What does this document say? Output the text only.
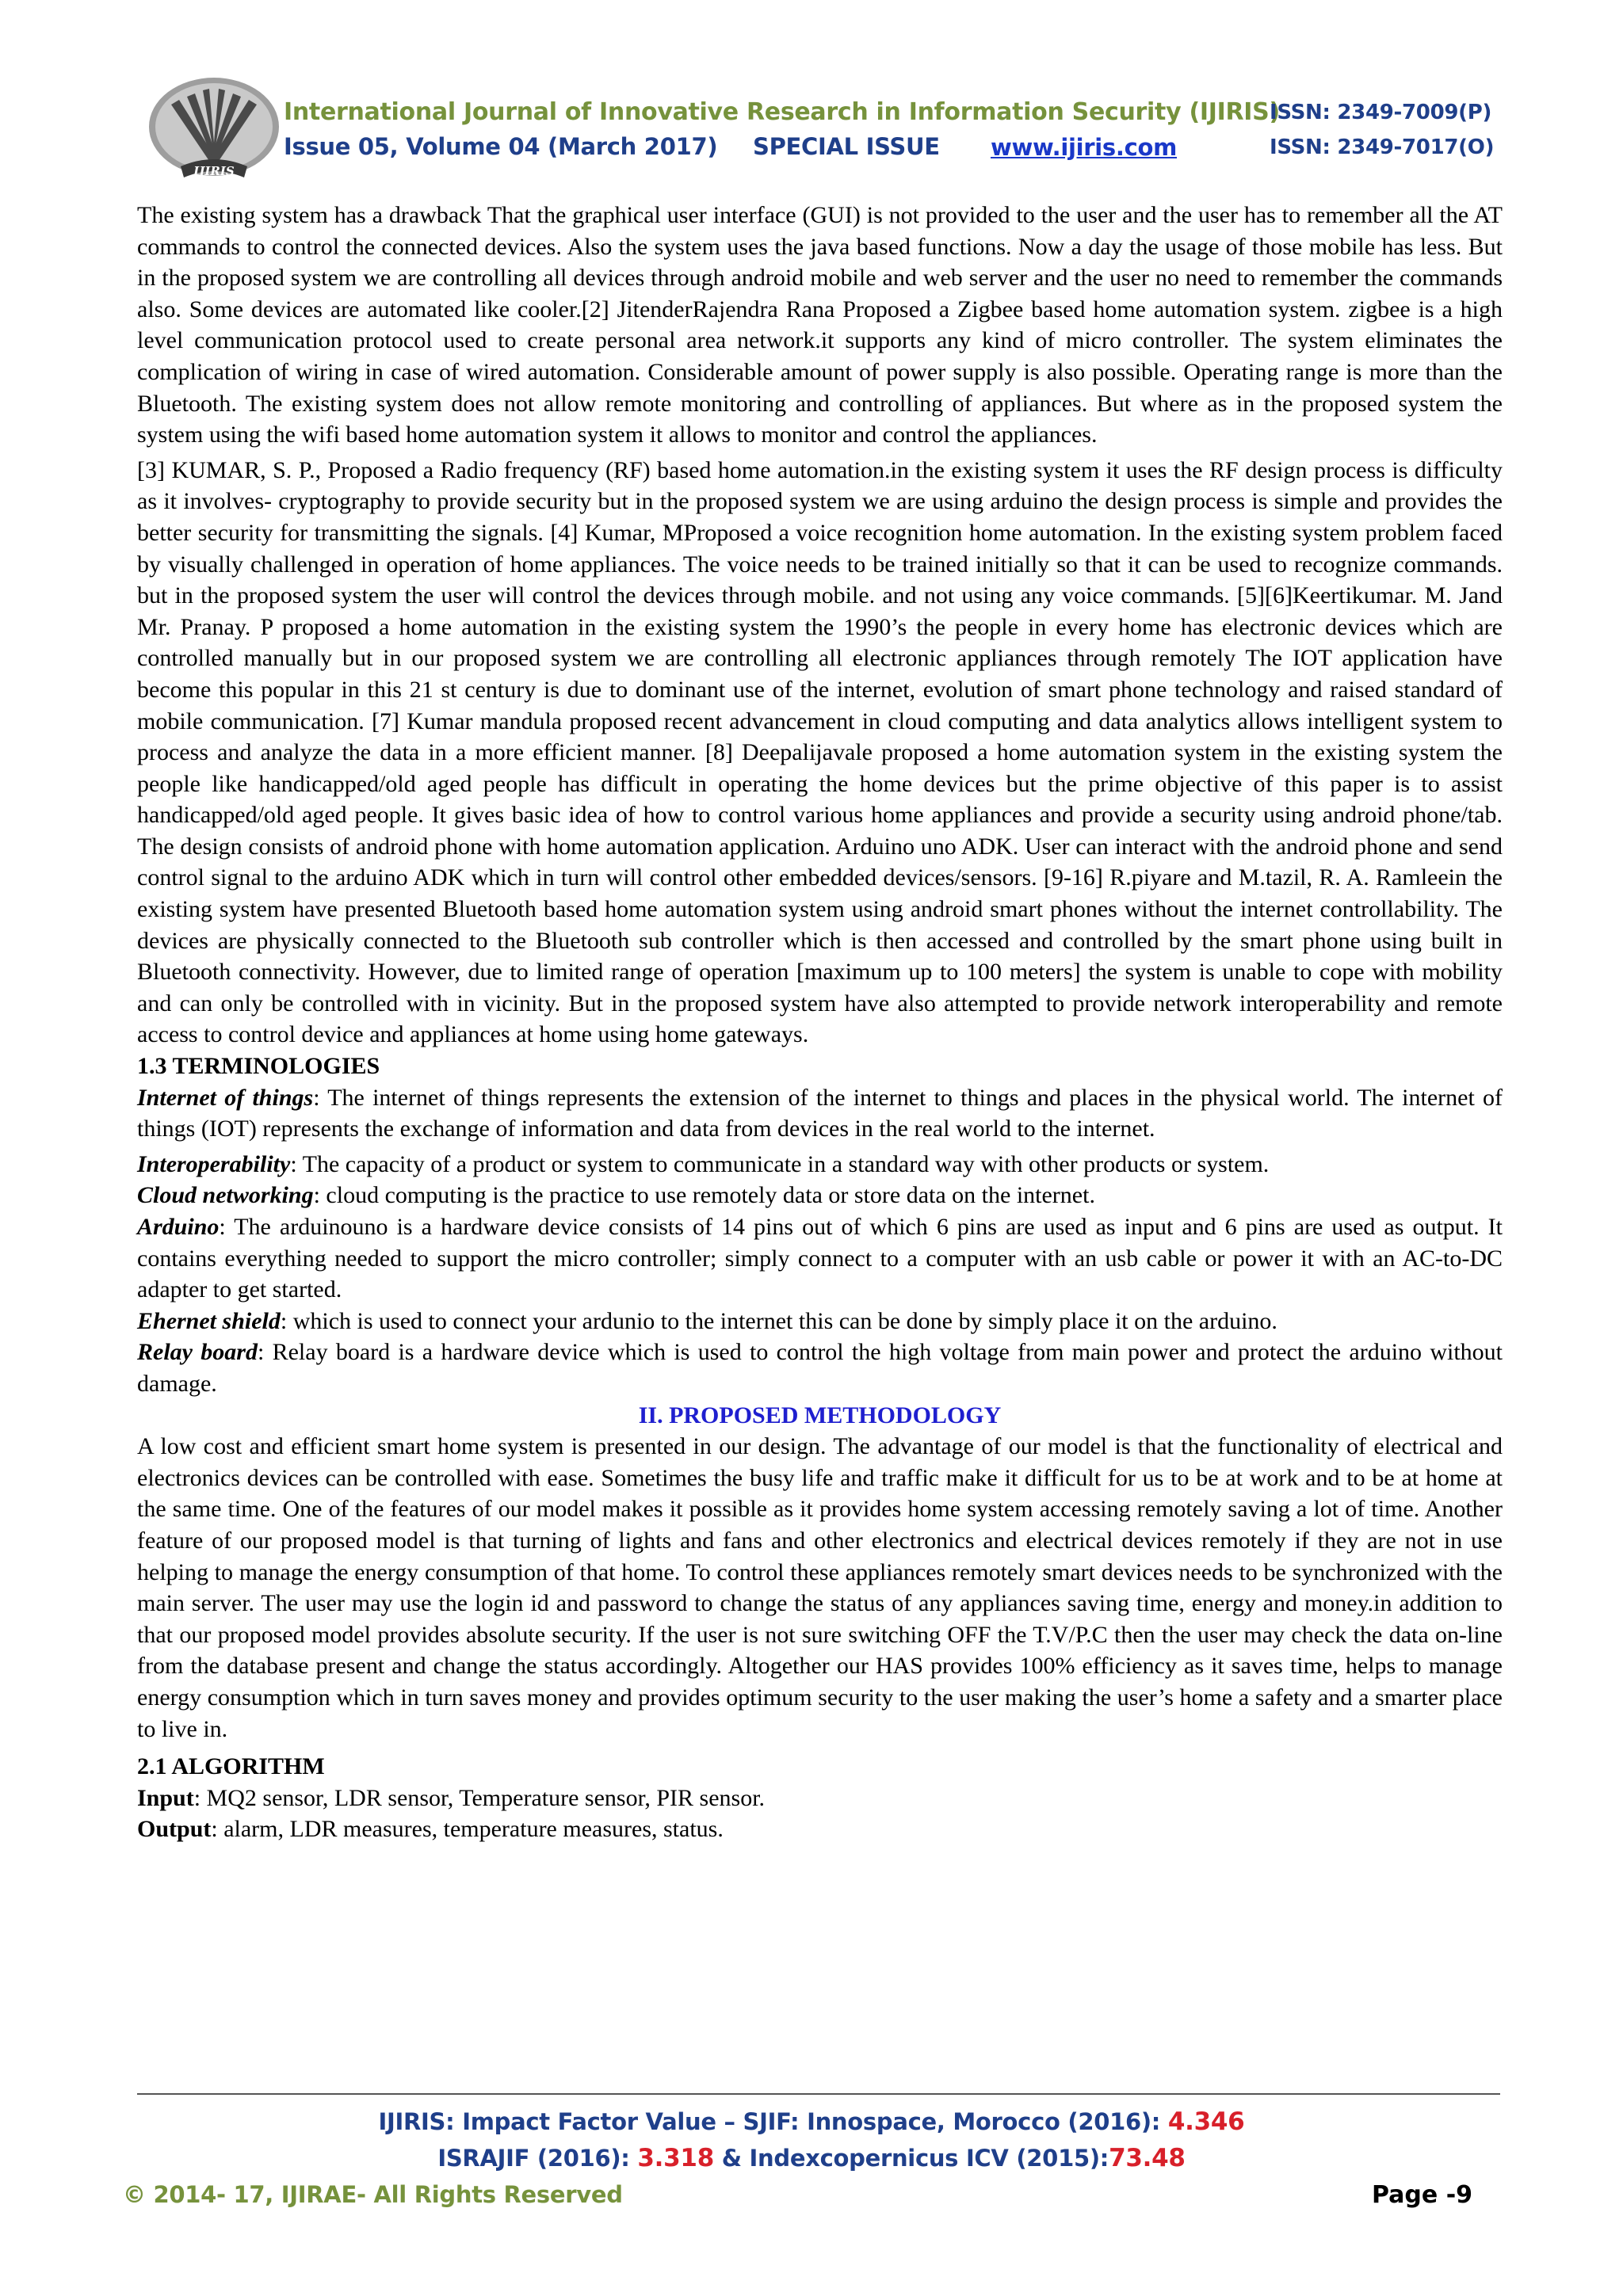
IJIRIS
International Journal of Innovative Research in Information Security (IJIRIS)
ISSN: 2349-7009(P)
Issue 05, Volume 04 (March 2017) SPECIAL ISSUE www.ijiris.com	ISSN: 2349-7017(O)

The existing system has a drawback That the graphical user interface (GUI) is not provided to the user and the user has to remember all the AT commands to control the connected devices. Also the system uses the java based functions. Now a day the usage of those mobile has less. But in the proposed system we are controlling all devices through android mobile and web server and the user no need to remember the commands also. Some devices are automated like cooler.[2] JitenderRajendra Rana Proposed a Zigbee based home automation system. zigbee is a high level communication protocol used to create personal area network.it supports any kind of micro controller. The system eliminates the complication of wiring in case of wired automation. Considerable amount of power supply is also possible. Operating range is more than the Bluetooth. The existing system does not allow remote monitoring and controlling of appliances. But where as in the proposed system the system using the wifi based home automation system it allows to monitor and control the appliances.

[3] KUMAR, S. P., Proposed a Radio frequency (RF) based home automation.in the existing system it uses the RF design process is difficulty as it involves- cryptography to provide security but in the proposed system we are using arduino the design process is simple and provides the better security for transmitting the signals. [4] Kumar, MProposed a voice recognition home automation. In the existing system problem faced by visually challenged in operation of home appliances. The voice needs to be trained initially so that it can be used to recognize commands. but in the proposed system the user will control the devices through mobile. and not using any voice commands. [5][6]Keertikumar. M. Jand Mr. Pranay. P proposed a home automation in the existing system the 1990’s the people in every home has electronic devices which are controlled manually but in our proposed system we are controlling all electronic appliances through remotely The IOT application have become this popular in this 21 st century is due to dominant use of the internet, evolution of smart phone technology and raised standard of mobile communication. [7] Kumar mandula proposed recent advancement in cloud computing and data analytics allows intelligent system to process and analyze the data in a more efficient manner. [8] Deepalijavale proposed a home automation system in the existing system the people like handicapped/old aged people has difficult in operating the home devices but the prime objective of this paper is to assist handicapped/old aged people. It gives basic idea of how to control various home appliances and provide a security using android phone/tab. The design consists of android phone with home automation application. Arduino uno ADK. User can interact with the android phone and send control signal to the arduino ADK which in turn will control other embedded devices/sensors. [9-16] R.piyare and M.tazil, R. A. Ramleein the existing system have presented Bluetooth based home automation system using android smart phones without the internet controllability. The devices are physically connected to the Bluetooth sub controller which is then accessed and controlled by the smart phone using built in Bluetooth connectivity. However, due to limited range of operation [maximum up to 100 meters] the system is unable to cope with mobility and can only be controlled with in vicinity. But in the proposed system have also attempted to provide network interoperability and remote access to control device and appliances at home using home gateways.

1.3 TERMINOLOGIES

Internet of things: The internet of things represents the extension of the internet to things and places in the physical world. The internet of things (IOT) represents the exchange of information and data from devices in the real world to the internet.

Interoperability: The capacity of a product or system to communicate in a standard way with other products or system.

Cloud networking: cloud computing is the practice to use remotely data or store data on the internet.

Arduino: The arduinouno is a hardware device consists of 14 pins out of which 6 pins are used as input and 6 pins are used as output. It contains everything needed to support the micro controller; simply connect to a computer with an usb cable or power it with an AC-to-DC adapter to get started.

Ehernet shield: which is used to connect your ardunio to the internet this can be done by simply place it on the arduino.

Relay board: Relay board is a hardware device which is used to control the high voltage from main power and protect the arduino without damage.

II. PROPOSED METHODOLOGY

A low cost and efficient smart home system is presented in our design. The advantage of our model is that the functionality of electrical and electronics devices can be controlled with ease. Sometimes the busy life and traffic make it difficult for us to be at work and to be at home at the same time. One of the features of our model makes it possible as it provides home system accessing remotely saving a lot of time. Another feature of our proposed model is that turning of lights and fans and other electronics and electrical devices remotely if they are not in use helping to manage the energy consumption of that home. To control these appliances remotely smart devices needs to be synchronized with the main server. The user may use the login id and password to change the status of any appliances saving time, energy and money.in addition to that our proposed model provides absolute security. If the user is not sure switching OFF the T.V/P.C then the user may check the data on-line from the database present and change the status accordingly. Altogether our HAS provides 100% efficiency as it saves time, helps to manage energy consumption which in turn saves money and provides optimum security to the user making the user’s home a safety and a smarter place to live in.

2.1 ALGORITHM

Input: MQ2 sensor, LDR sensor, Temperature sensor, PIR sensor.

Output: alarm, LDR measures, temperature measures, status.

IJIRIS: Impact Factor Value – SJIF: Innospace, Morocco (2016): 4.346
ISRAJIF (2016): 3.318 & Indexcopernicus ICV (2015):73.48
© 2014- 17, IJIRAE- All Rights Reserved	Page -9
